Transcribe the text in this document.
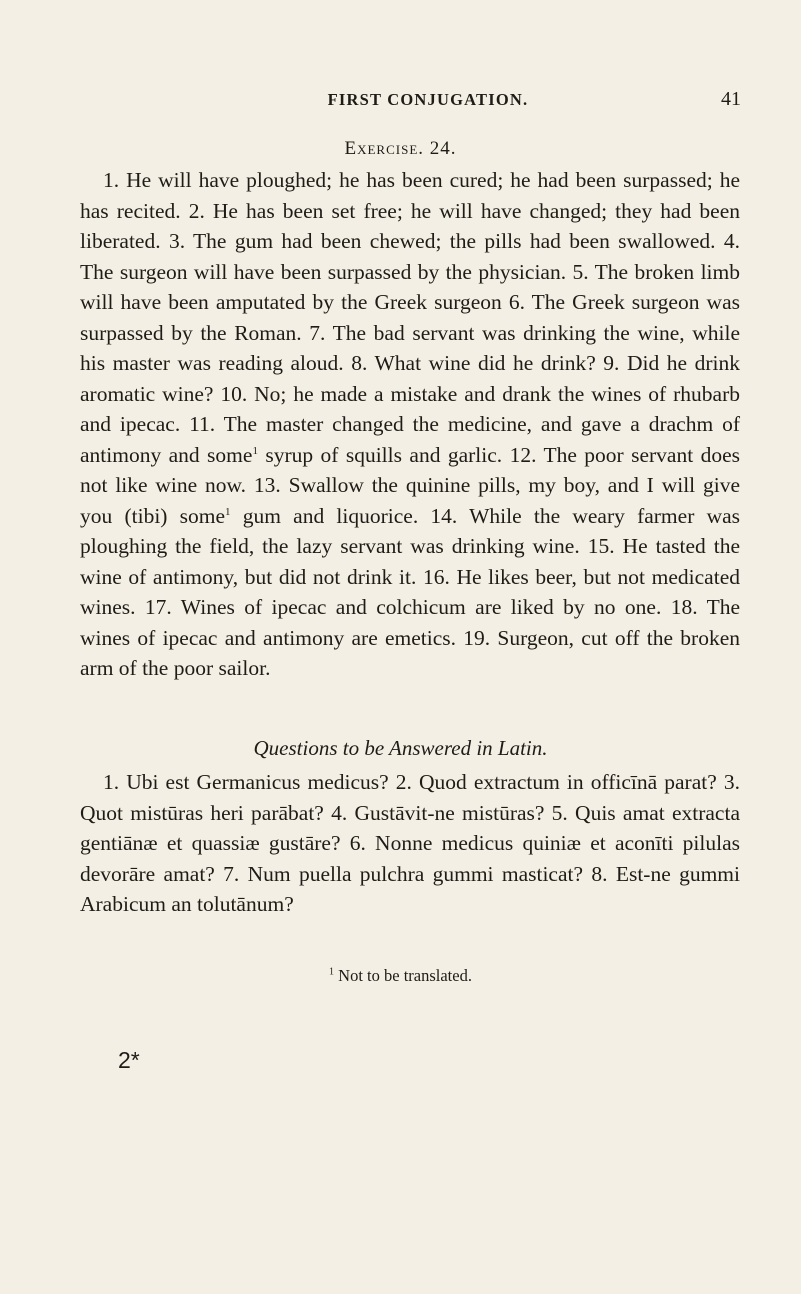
FIRST CONJUGATION.	41
Exercise. 24.

1. He will have ploughed; he has been cured; he had been surpassed; he has recited. 2. He has been set free; he will have changed; they had been liberated. 3. The gum had been chewed; the pills had been swallowed. 4. The surgeon will have been surpassed by the physician. 5. The broken limb will have been amputated by the Greek surgeon 6. The Greek surgeon was surpassed by the Roman. 7. The bad servant was drinking the wine, while his master was reading aloud. 8. What wine did he drink? 9. Did he drink aromatic wine? 10. No; he made a mistake and drank the wines of rhubarb and ipecac. 11. The master changed the medicine, and gave a drachm of antimony and some$^1$ syrup of squills and garlic. 12. The poor servant does not like wine now. 13. Swallow the quinine pills, my boy, and I will give you (tibi) some$^1$ gum and liquorice. 14. While the weary farmer was ploughing the field, the lazy servant was drinking wine. 15. He tasted the wine of antimony, but did not drink it. 16. He likes beer, but not medicated wines. 17. Wines of ipecac and colchicum are liked by no one. 18. The wines of ipecac and antimony are emetics. 19. Surgeon, cut off the broken arm of the poor sailor.

Questions to be Answered in Latin.

1. Ubi est Germanicus medicus? 2. Quod extractum in officīnā parat? 3. Quot mistūras heri parābat? 4. Gustāvit-ne mistūras? 5. Quis amat extracta gentiānæ et quassiæ gustāre? 6. Nonne medicus quiniæ et aconīti pilulas devorāre amat? 7. Num puella pulchra gummi masticat? 8. Est-ne gummi Arabicum an tolutānum?

$^1$ Not to be translated.
2*
